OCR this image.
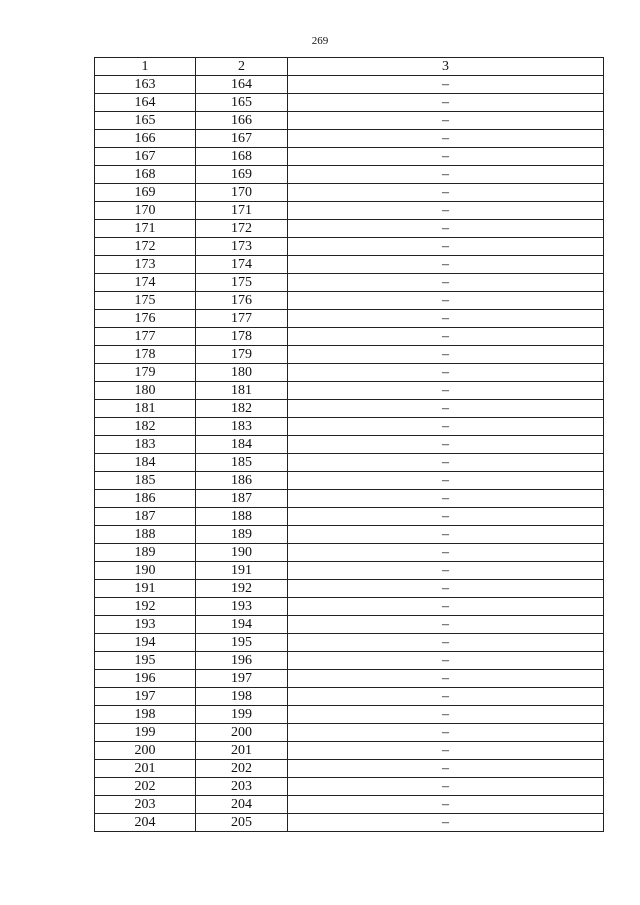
269
1	2	3
163	164	–
164	165	–
165	166	–
166	167	–
167	168	–
168	169	–
169	170	–
170	171	–
171	172	–
172	173	–
173	174	–
174	175	–
175	176	–
176	177	–
177	178	–
178	179	–
179	180	–
180	181	–
181	182	–
182	183	–
183	184	–
184	185	–
185	186	–
186	187	–
187	188	–
188	189	–
189	190	–
190	191	–
191	192	–
192	193	–
193	194	–
194	195	–
195	196	–
196	197	–
197	198	–
198	199	–
199	200	–
200	201	–
201	202	–
202	203	–
203	204	–
204	205	–
